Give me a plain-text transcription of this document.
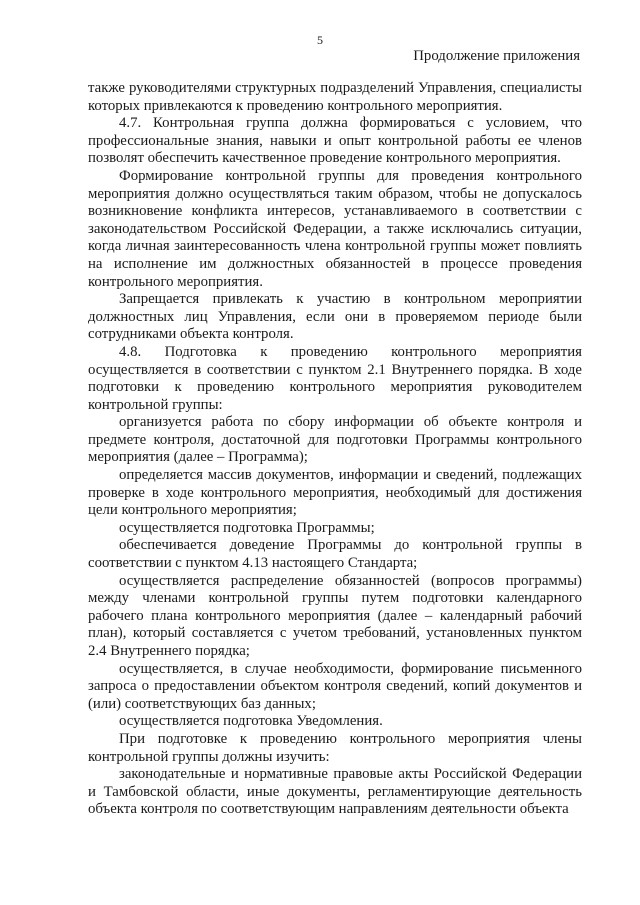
5
Продолжение приложения

также руководителями структурных подразделений Управления, специалисты которых привлекаются к проведению контрольного мероприятия.

4.7. Контрольная группа должна формироваться с условием, что профессиональные знания, навыки и опыт контрольной работы ее членов позволят обеспечить качественное проведение контрольного мероприятия.

Формирование контрольной группы для проведения контрольного мероприятия должно осуществляться таким образом, чтобы не допускалось возникновение конфликта интересов, устанавливаемого в соответствии с законодательством Российской Федерации, а также исключались ситуации, когда личная заинтересованность члена контрольной группы может повлиять на исполнение им должностных обязанностей в процессе проведения контрольного мероприятия.

Запрещается привлекать к участию в контрольном мероприятии должностных лиц Управления, если они в проверяемом периоде были сотрудниками объекта контроля.

4.8. Подготовка к проведению контрольного мероприятия осуществляется в соответствии с пунктом 2.1 Внутреннего порядка. В ходе подготовки к проведению контрольного мероприятия руководителем контрольной группы:

организуется работа по сбору информации об объекте контроля и предмете контроля, достаточной для подготовки Программы контрольного мероприятия (далее – Программа);

определяется массив документов, информации и сведений, подлежащих проверке в ходе контрольного мероприятия, необходимый для достижения цели контрольного мероприятия;

осуществляется подготовка Программы;

обеспечивается доведение Программы до контрольной группы в соответствии с пунктом 4.13 настоящего Стандарта;

осуществляется распределение обязанностей (вопросов программы) между членами контрольной группы путем подготовки календарного рабочего плана контрольного мероприятия (далее – календарный рабочий план), который составляется с учетом требований, установленных пунктом 2.4 Внутреннего порядка;

осуществляется, в случае необходимости, формирование письменного запроса о предоставлении объектом контроля сведений, копий документов и (или) соответствующих баз данных;

осуществляется подготовка Уведомления.

При подготовке к проведению контрольного мероприятия члены контрольной группы должны изучить:

законодательные и нормативные правовые акты Российской Федерации и Тамбовской области, иные документы, регламентирующие деятельность объекта контроля по соответствующим направлениям деятельности объекта
